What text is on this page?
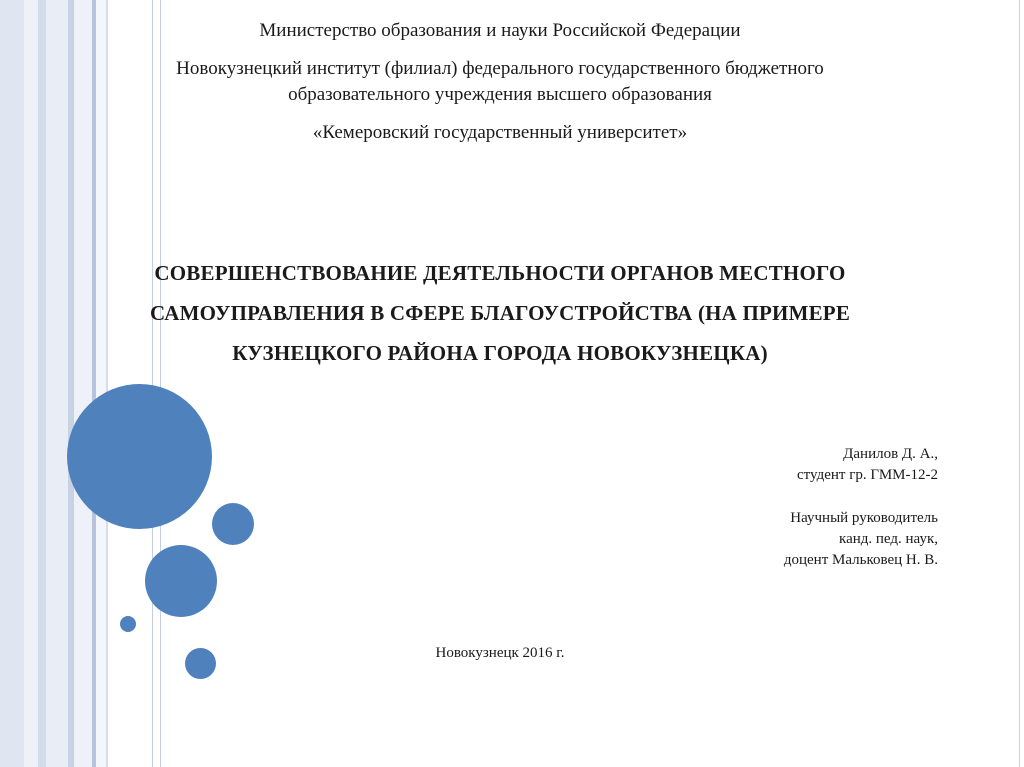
Министерство образования и науки Российской Федерации

Новокузнецкий институт (филиал) федерального государственного бюджетного
образовательного учреждения высшего образования

«Кемеровский государственный университет»

СОВЕРШЕНСТВОВАНИЕ ДЕЯТЕЛЬНОСТИ ОРГАНОВ МЕСТНОГО
САМОУПРАВЛЕНИЯ В СФЕРЕ БЛАГОУСТРОЙСТВА (НА ПРИМЕРЕ
КУЗНЕЦКОГО РАЙОНА ГОРОДА НОВОКУЗНЕЦКА)
Данилов Д. А.,
студент гр. ГММ-12-2
Научный руководитель
канд. пед. наук,
доцент Мальковец Н. В.

Новокузнецк 2016 г.
